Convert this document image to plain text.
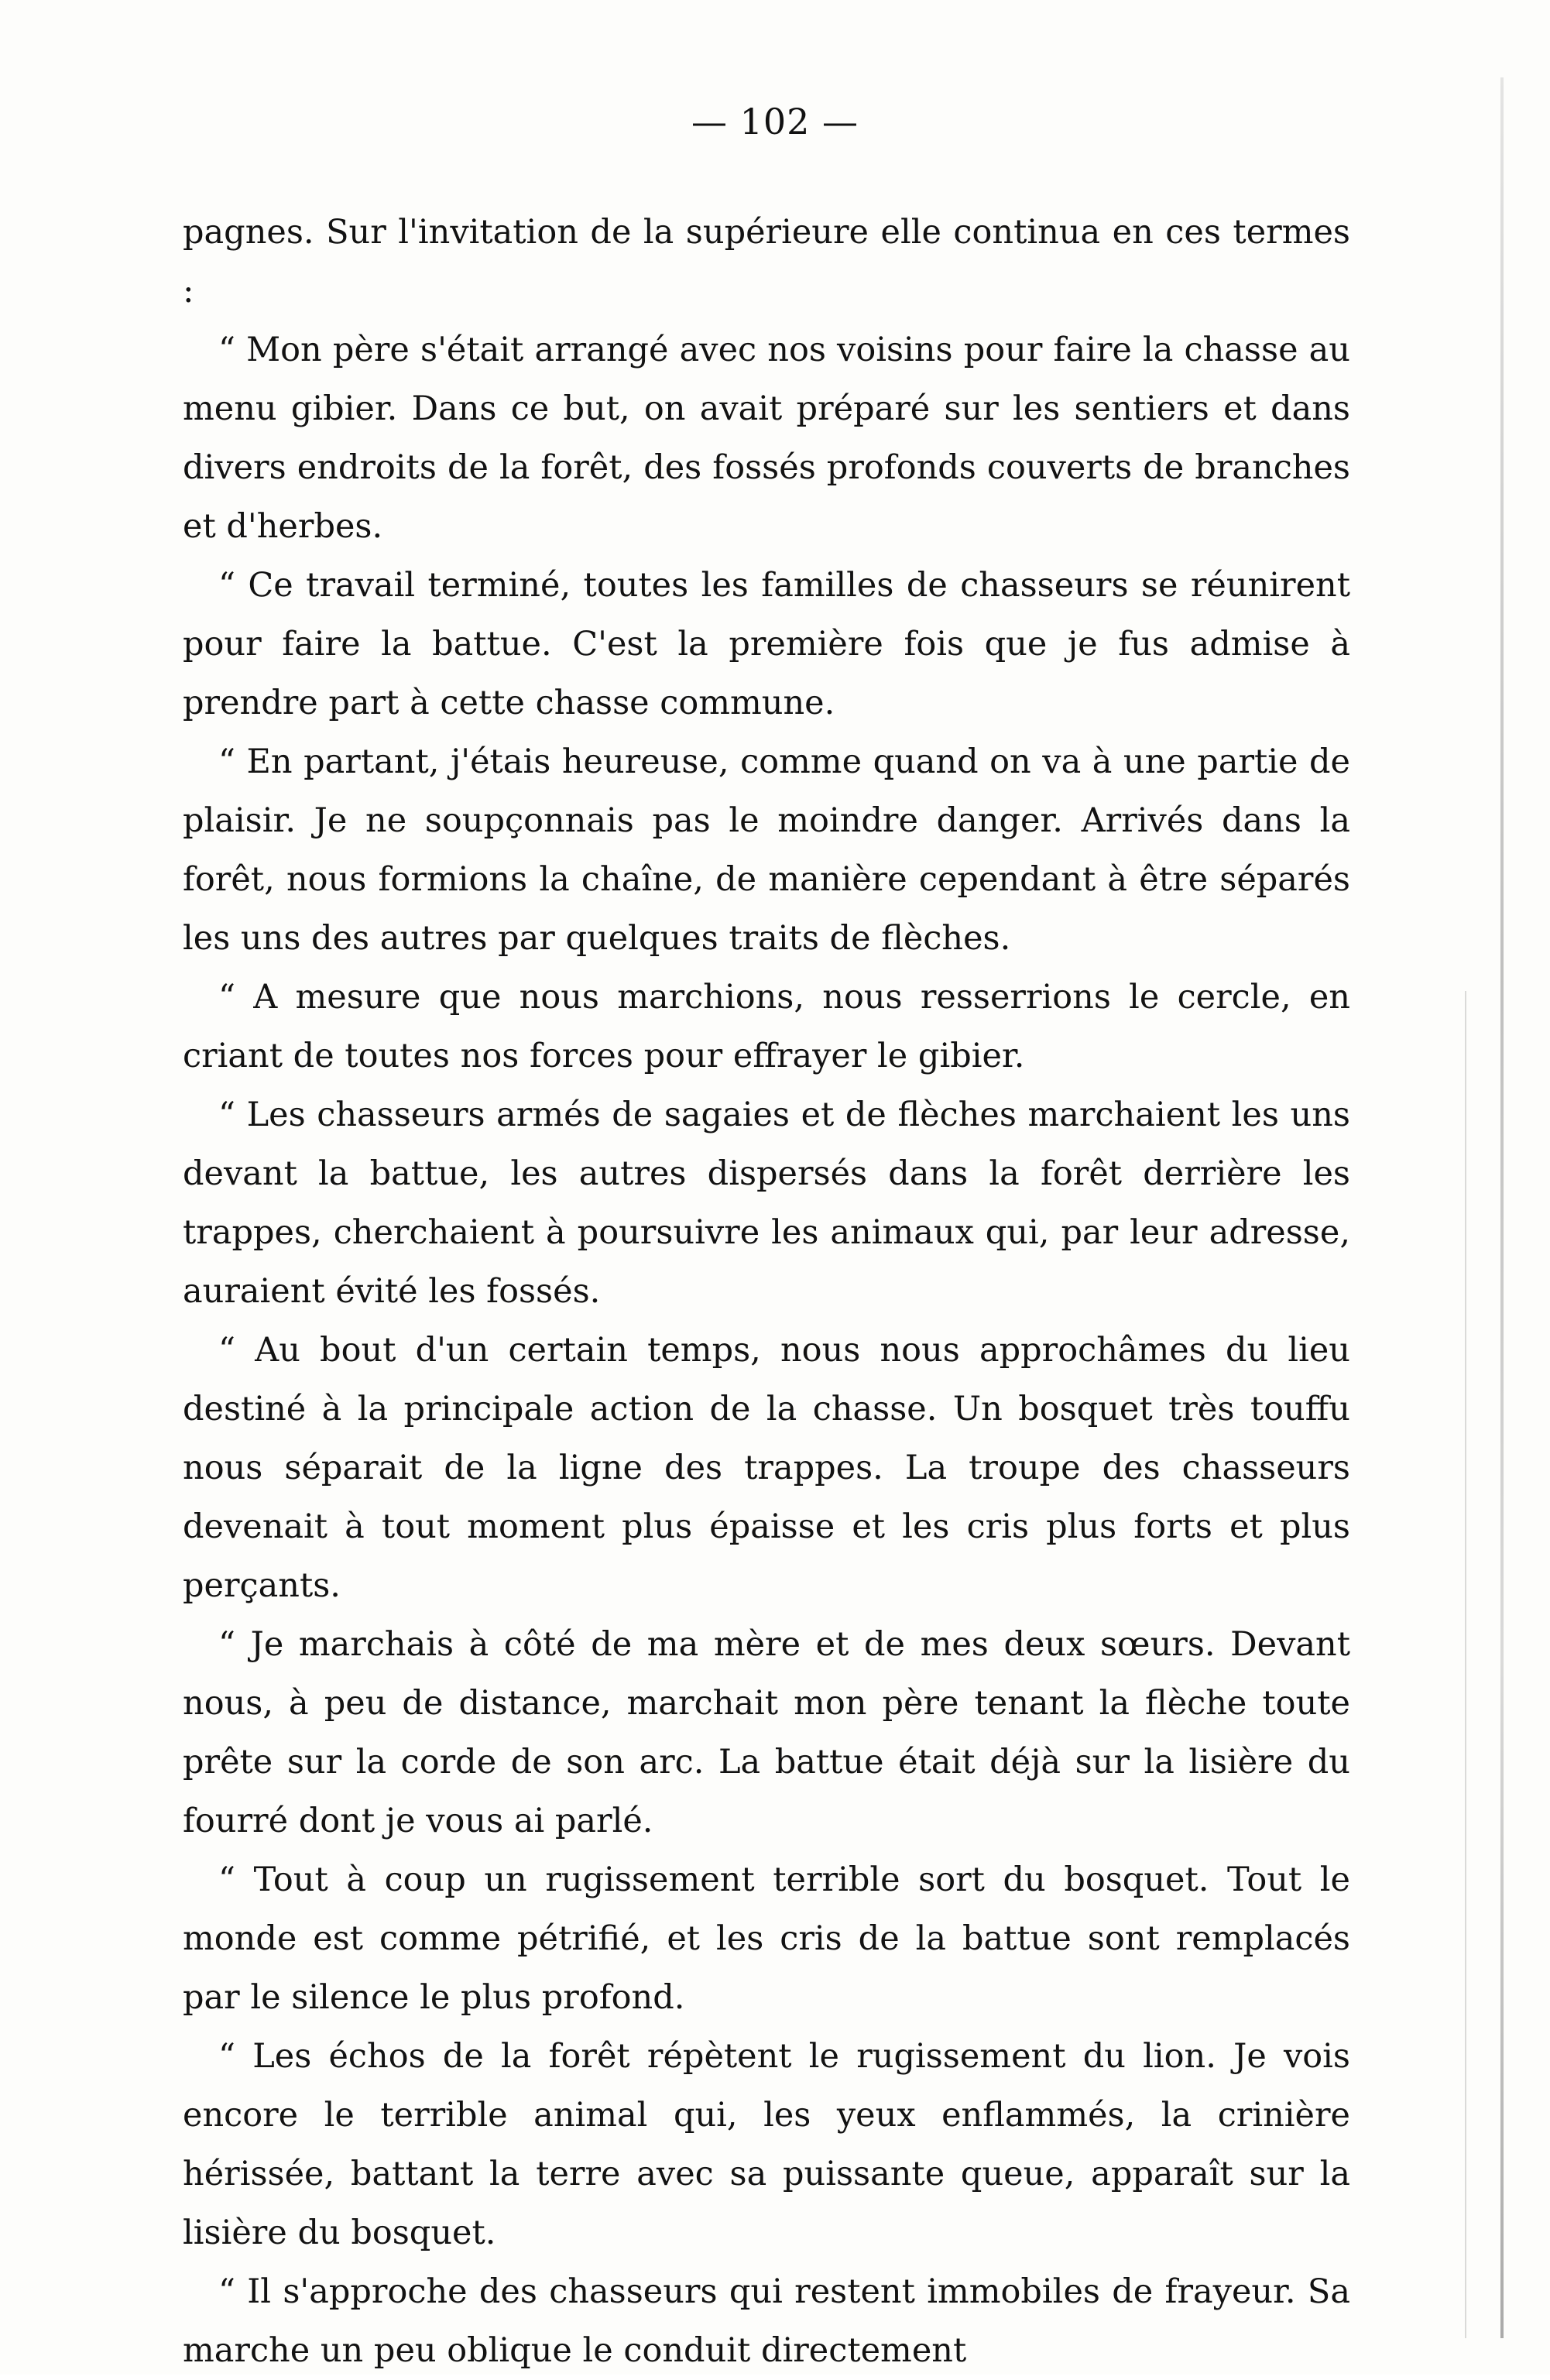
— 102 —

pagnes. Sur l'invitation de la supérieure elle continua en ces termes :

“ Mon père s'était arrangé avec nos voisins pour faire la chasse au menu gibier. Dans ce but, on avait préparé sur les sentiers et dans divers endroits de la forêt, des fossés profonds couverts de branches et d'herbes.

“ Ce travail terminé, toutes les familles de chasseurs se réunirent pour faire la battue. C'est la première fois que je fus admise à prendre part à cette chasse commune.

“ En partant, j'étais heureuse, comme quand on va à une partie de plaisir. Je ne soupçonnais pas le moindre danger. Arrivés dans la forêt, nous formions la chaîne, de manière cependant à être séparés les uns des autres par quelques traits de flèches.

“ A mesure que nous marchions, nous resserrions le cercle, en criant de toutes nos forces pour effrayer le gibier.

“ Les chasseurs armés de sagaies et de flèches marchaient les uns devant la battue, les autres dispersés dans la forêt derrière les trappes, cherchaient à poursuivre les animaux qui, par leur adresse, auraient évité les fossés.

“ Au bout d'un certain temps, nous nous approchâmes du lieu destiné à la principale action de la chasse. Un bosquet très touffu nous séparait de la ligne des trappes. La troupe des chasseurs devenait à tout moment plus épaisse et les cris plus forts et plus perçants.

“ Je marchais à côté de ma mère et de mes deux sœurs. Devant nous, à peu de distance, marchait mon père tenant la flèche toute prête sur la corde de son arc. La battue était déjà sur la lisière du fourré dont je vous ai parlé.

“ Tout à coup un rugissement terrible sort du bosquet. Tout le monde est comme pétrifié, et les cris de la battue sont remplacés par le silence le plus profond.

“ Les échos de la forêt répètent le rugissement du lion. Je vois encore le terrible animal qui, les yeux enflammés, la crinière hérissée, battant la terre avec sa puissante queue, apparaît sur la lisière du bosquet.

“ Il s'approche des chasseurs qui restent immobiles de frayeur. Sa marche un peu oblique le conduit directement
